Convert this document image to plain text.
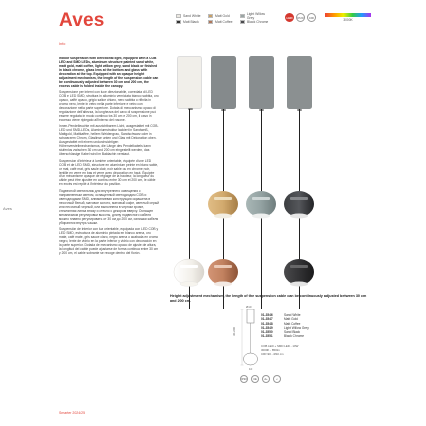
Aves
Info
Sand White	Matt Gold	Light Willow Grey
Matt Black	Matt Coffee	Black Chrome
LED	IP20	CRI
3000K

Indoor suspension with directional light, equipped with a COB LED and SMD LEDs, aluminum structure painted sand white, matt gold, matt coffee, light willow grey, sand black or finished in black chrome, glass lens at the bottom and glass with decoration at the top. Equipped with an opaque height adjustment mechanism, the length of the suspension cable can be continuously adjusted between 30 cm and 200 cm, the excess cable is folded inside the canopy.

Sospensione per interni con luce direzionabile, corredata di LED COB e LED SMD, struttura in alluminio verniciata bianco sabbia, oro opaco, caffè opaco, grigio salice chiaro, nero sabbia o rifinita in cromo nero, lente in vetro nella parte inferiore e vetro con decorazione nella parte superiore. Dotata di meccanismo opaco di regolazione dell'altezza, la lunghezza del cavo di sospensione può essere regolata in modo continuo tra 30 cm e 200 cm, il cavo in eccesso viene ripiegato all'interno del rosone.

Innen-Pendelleuchte mit ausrichtbarem Licht, ausgestattet mit COB-LED und SMD-LEDs, Aluminiumstruktur lackiert in Sandweiß, Mattgold, Mattkaffee, hellem Weidengrau, Sandschwarz oder in schwarzem Chrom, Glaslinse unten und Glas mit Dekoration oben. Ausgestattet mit einem undurchsichtigen Höhenverstellmechanismus, die Länge des Pendelkabels kann stufenlos zwischen 30 cm und 200 cm eingestellt werden, das überschüssige Kabel wird im Baldachin verstaut.

Suspension d'intérieur à lumière orientable, équipée d'une LED COB et de LED SMD, structure en aluminium peinte en blanc sable, or mat, café mat, gris saule clair, noir sable ou en chrome noir, lentille en verre en bas et verre avec décoration en haut. Équipée d'un mécanisme opaque de réglage de la hauteur, la longueur du câble peut être ajustée en continu entre 30 cm et 200 cm, le câble en excès est replié à l'intérieur du pavillon.

Подвесной светильник для внутреннего освещения с направленным светом, оснащенный светодиодом COB и светодиодами SMD, алюминиевая конструкция окрашена в песочный белый, матовое золото, матовый кофе, светлый серый или песочный черный, или выполнена в черном хроме, стеклянная линза внизу и стекло с декором вверху. Оснащен механизмом регулировки высоты, длину подвесного кабеля можно плавно регулировать от 30 см до 200 см, излишки кабеля убираются внутрь чашки.

Suspensión de interior con luz orientable, equipada con LED COB y LED SMD, estructura de aluminio pintada en blanco arena, oro mate, café mate, gris sauce claro, negro arena o acabada en cromo negro, lente de vidrio en la parte inferior y vidrio con decoración en la parte superior. Dotada de mecanismo opaco de ajuste de altura, la longitud del cable puede ajustarse de forma continua entre 30 cm y 200 cm, el cable sobrante se recoge dentro del florón.

Aves
Height adjustment mechanism, the length of the suspension cable can be continuously adjusted between 30 cm and 200 cm.
Ø10
30-200
10
01-3546	Sand White
01-3547	Matt Gold
01-3548	Matt Coffee
01-3549	Light Willow Grey
01-3550	Sand Black
01-3551	Black Chrome
COB LED + SMD LED - 10W
3000K - 850lm
CRI>90 - Ø10 cm
IP20	CE	A+	◐
Smarter 2024/25
